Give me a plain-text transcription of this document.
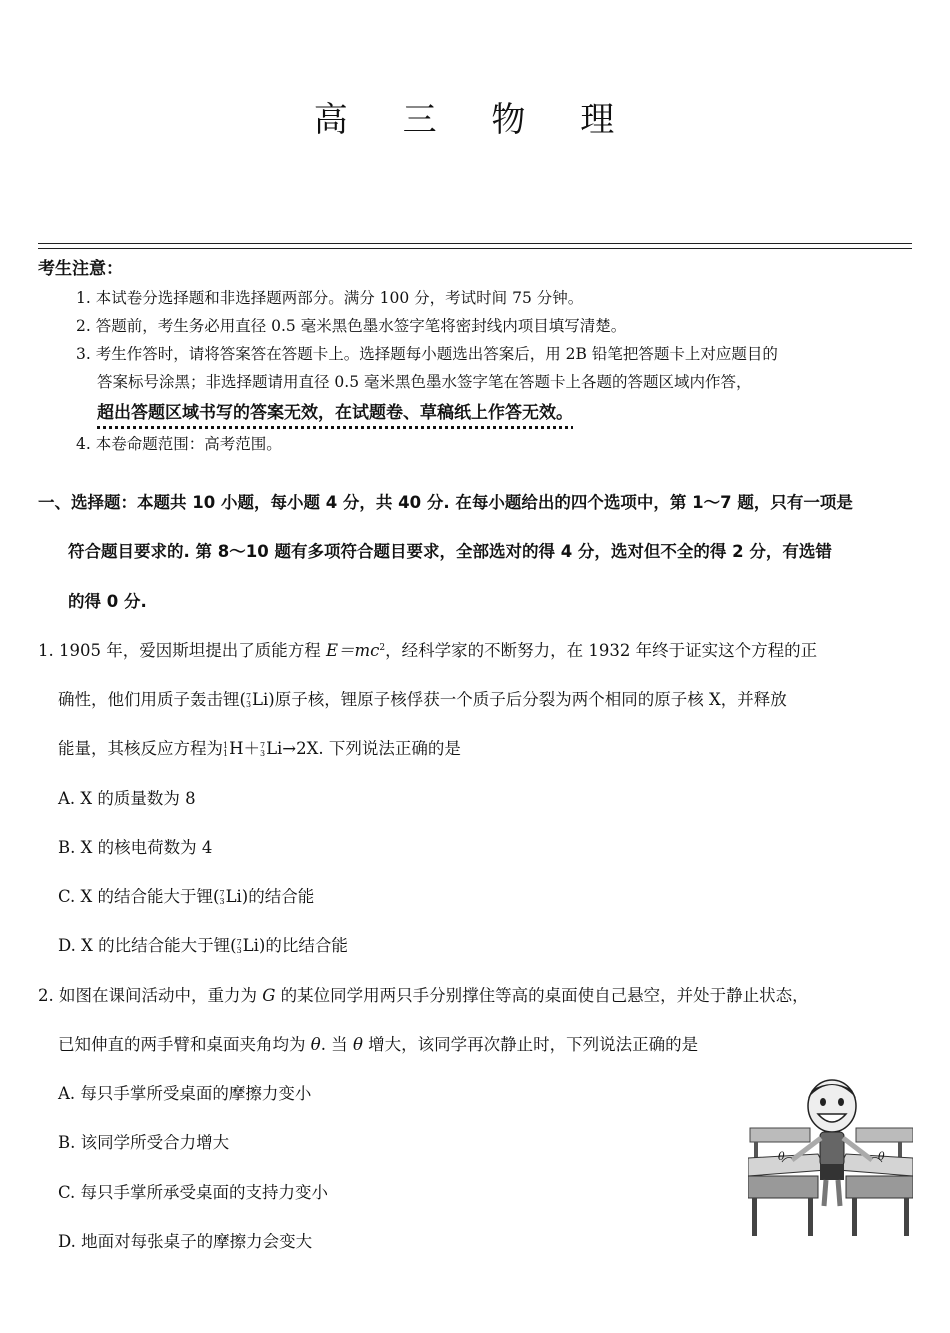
高 三 物 理
考生注意：
1. 本试卷分选择题和非选择题两部分。满分 100 分，考试时间 75 分钟。
2. 答题前，考生务必用直径 0.5 毫米黑色墨水签字笔将密封线内项目填写清楚。
3. 考生作答时，请将答案答在答题卡上。选择题每小题选出答案后，用 2B 铅笔把答题卡上对应题目的
答案标号涂黑；非选择题请用直径 0.5 毫米黑色墨水签字笔在答题卡上各题的答题区域内作答，
超出答题区域书写的答案无效，在试题卷、草稿纸上作答无效。
4. 本卷命题范围：高考范围。
一、选择题：本题共 10 小题，每小题 4 分，共 40 分. 在每小题给出的四个选项中，第 1～7 题，只有一项是
符合题目要求的. 第 8～10 题有多项符合题目要求，全部选对的得 4 分，选对但不全的得 2 分，有选错
的得 0 分.
1. 1905 年，爱因斯坦提出了质能方程 $E=mc^2$，经科学家的不断努力，在 1932 年终于证实这个方程的正
确性，他们用质子轰击锂( 7
3 Li)原子核，锂原子核俘获一个质子后分裂为两个相同的原子核 X，并释放
能量，其核反应方程为 1
1 H＋ 7
3 Li→2X. 下列说法正确的是
A. X 的质量数为 8
B. X 的核电荷数为 4
C. X 的结合能大于锂( 7
3 Li)的结合能
D. X 的比结合能大于锂( 7
3 Li)的比结合能
2. 如图在课间活动中，重力为 G 的某位同学用两只手分别撑住等高的桌面使自己悬空，并处于静止状态，
已知伸直的两手臂和桌面夹角均为 θ. 当 θ 增大，该同学再次静止时，下列说法正确的是
A. 每只手掌所受桌面的摩擦力变小
B. 该同学所受合力增大
C. 每只手掌所承受桌面的支持力变小
D. 地面对每张桌子的摩擦力会变大
θ	θ
